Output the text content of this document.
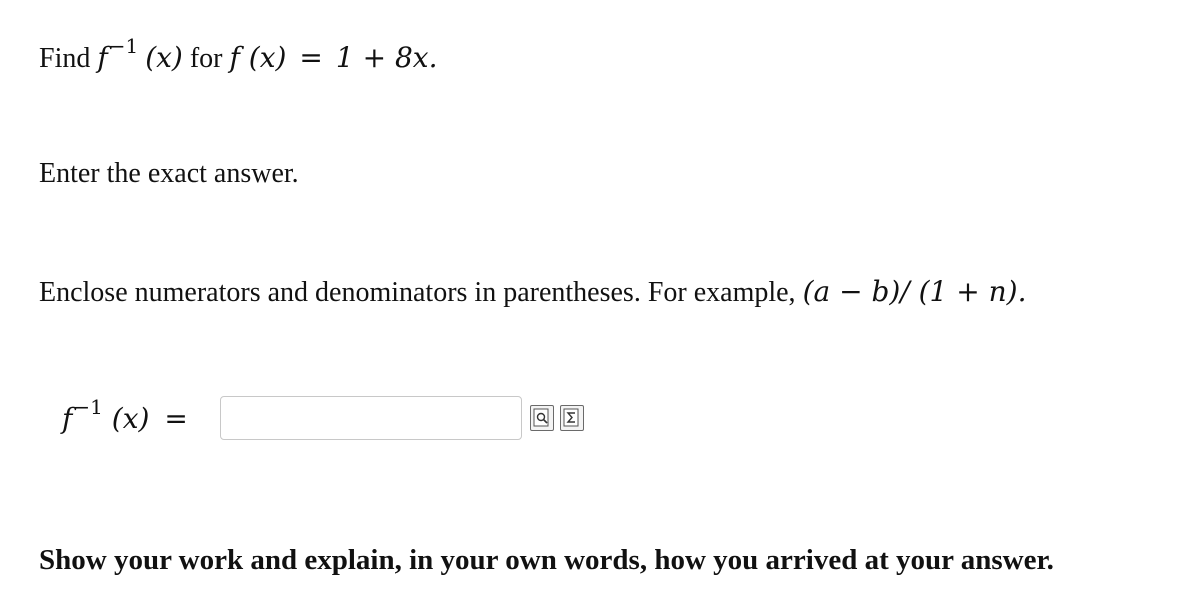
Find $f^{-1}$ (x) for f (x) = 1 + 8x.
Enter the exact answer.
Enclose numerators and denominators in parentheses. For example, (a − b)/ (1 + n).
$f^{-1}$ (x) =
Show your work and explain, in your own words, how you arrived at your answer.
